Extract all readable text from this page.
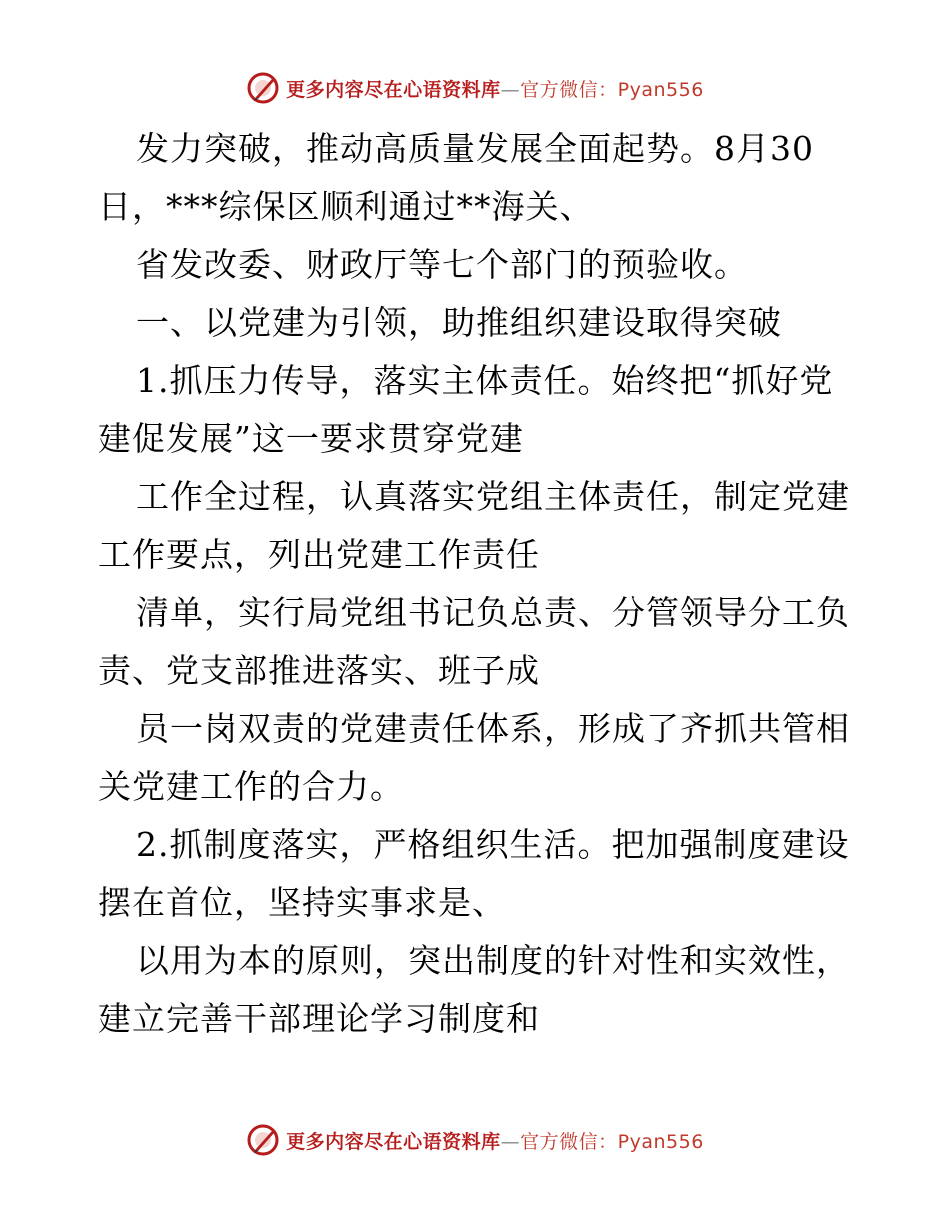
更多内容尽在心语资料库—官方微信：Pyan556
发力突破，推动高质量发展全面起势。8月30
日，***综保区顺利通过**海关、
省发改委、财政厅等七个部门的预验收。
一、以党建为引领，助推组织建设取得突破
1.抓压力传导，落实主体责任。始终把“抓好党
建促发展”这一要求贯穿党建
工作全过程，认真落实党组主体责任，制定党建
工作要点，列出党建工作责任
清单，实行局党组书记负总责、分管领导分工负
责、党支部推进落实、班子成
员一岗双责的党建责任体系，形成了齐抓共管相
关党建工作的合力。
2.抓制度落实，严格组织生活。把加强制度建设
摆在首位，坚持实事求是、
以用为本的原则，突出制度的针对性和实效性，
建立完善干部理论学习制度和
更多内容尽在心语资料库—官方微信：Pyan556
